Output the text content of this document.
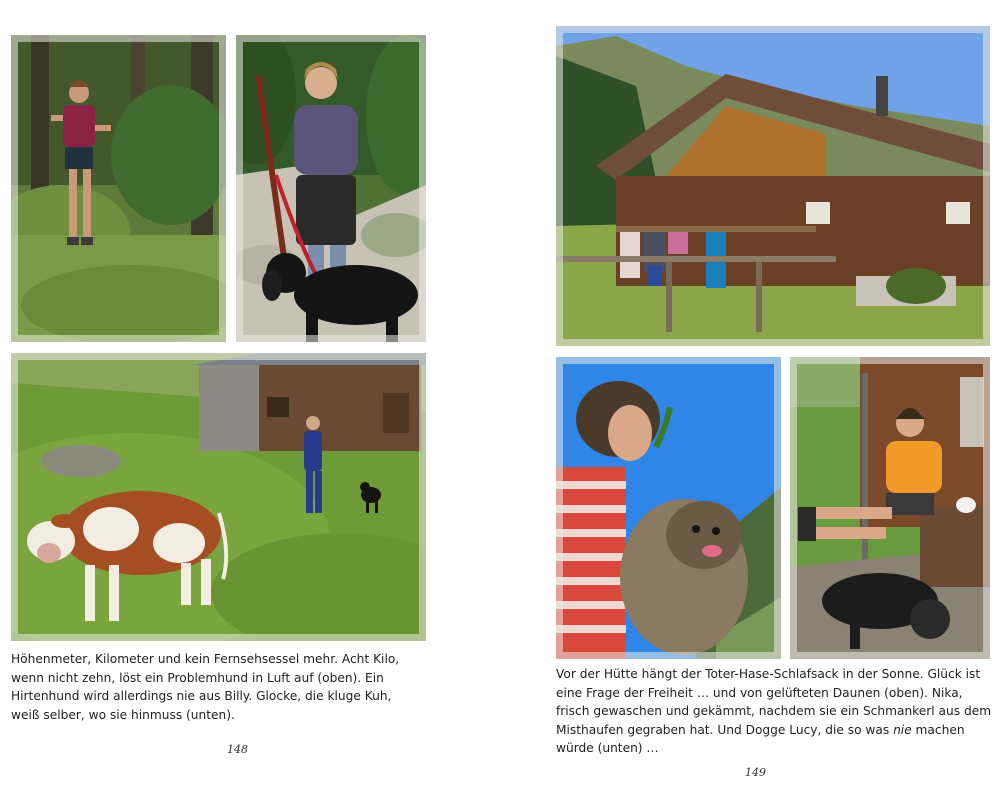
Höhenmeter, Kilometer und kein Fernsehsessel mehr. Acht Kilo, wenn nicht zehn, löst ein Problemhund in Luft auf (oben). Ein Hirtenhund wird allerdings nie aus Billy. Glocke, die kluge Kuh, weiß selber, wo sie hinmuss (unten).

148

Vor der Hütte hängt der Toter-Hase-Schlafsack in der Sonne. Glück ist eine Frage der Freiheit … und von gelüfteten Daunen (oben). Nika, frisch gewaschen und gekämmt, nachdem sie ein Schmankerl aus dem Misthaufen gegraben hat. Und Dogge Lucy, die so was nie machen würde (unten) …

149
